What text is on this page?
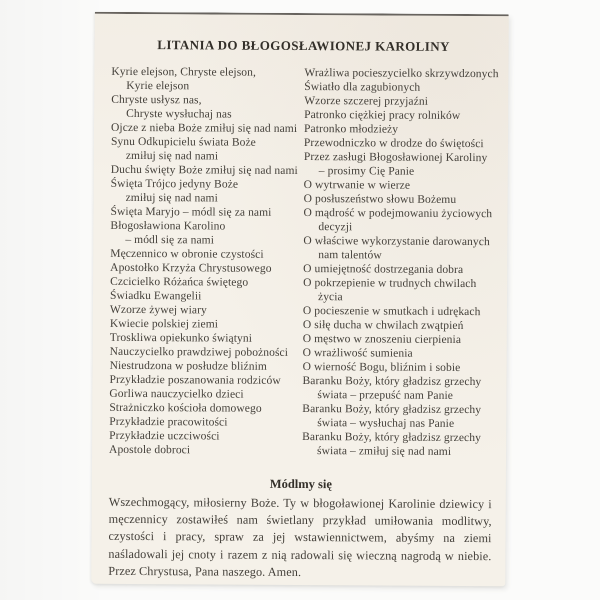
LITANIA DO BŁOGOSŁAWIONEJ KAROLINY
Kyrie elejson, Chryste elejson,
Kyrie elejson
Chryste usłysz nas,
Chryste wysłuchaj nas
Ojcze z nieba Boże zmiłuj się nad nami
Synu Odkupicielu świata Boże
zmiłuj się nad nami
Duchu święty Boże zmiłuj się nad nami
Święta Trójco jedyny Boże
zmiłuj się nad nami
Święta Maryjo – módl się za nami
Błogosławiona Karolino
– módl się za nami
Męczennico w obronie czystości
Apostołko Krzyża Chrystusowego
Czcicielko Różańca świętego
Świadku Ewangelii
Wzorze żywej wiary
Kwiecie polskiej ziemi
Troskliwa opiekunko świątyni
Nauczycielko prawdziwej pobożności
Niestrudzona w posłudze bliźnim
Przykładzie poszanowania rodziców
Gorliwa nauczycielko dzieci
Strażniczko kościoła domowego
Przykładzie pracowitości
Przykładzie uczciwości
Apostole dobroci
Wrażliwa pocieszycielko skrzywdzonych
Światło dla zagubionych
Wzorze szczerej przyjaźni
Patronko ciężkiej pracy rolników
Patronko młodzieży
Przewodniczko w drodze do świętości
Przez zasługi Błogosławionej Karoliny
– prosimy Cię Panie
O wytrwanie w wierze
O posłuszeństwo słowu Bożemu
O mądrość w podejmowaniu życiowych
decyzji
O właściwe wykorzystanie darowanych
nam talentów
O umiejętność dostrzegania dobra
O pokrzepienie w trudnych chwilach
życia
O pocieszenie w smutkach i udrękach
O siłę ducha w chwilach zwątpień
O męstwo w znoszeniu cierpienia
O wrażliwość sumienia
O wierność Bogu, bliźnim i sobie
Baranku Boży, który gładzisz grzechy
świata – przepuść nam Panie
Baranku Boży, który gładzisz grzechy
świata – wysłuchaj nas Panie
Baranku Boży, który gładzisz grzechy
świata – zmiłuj się nad nami
Módlmy się

Wszechmogący, miłosierny Boże. Ty w błogoławionej Karolinie dziewicy i męczennicy zostawiłeś nam świetlany przykład umiłowania modlitwy, czystości i pracy, spraw za jej wstawiennictwem, abyśmy na ziemi naśladowali jej cnoty i razem z nią radowali się wieczną nagrodą w niebie. Przez Chrystusa, Pana naszego. Amen.
